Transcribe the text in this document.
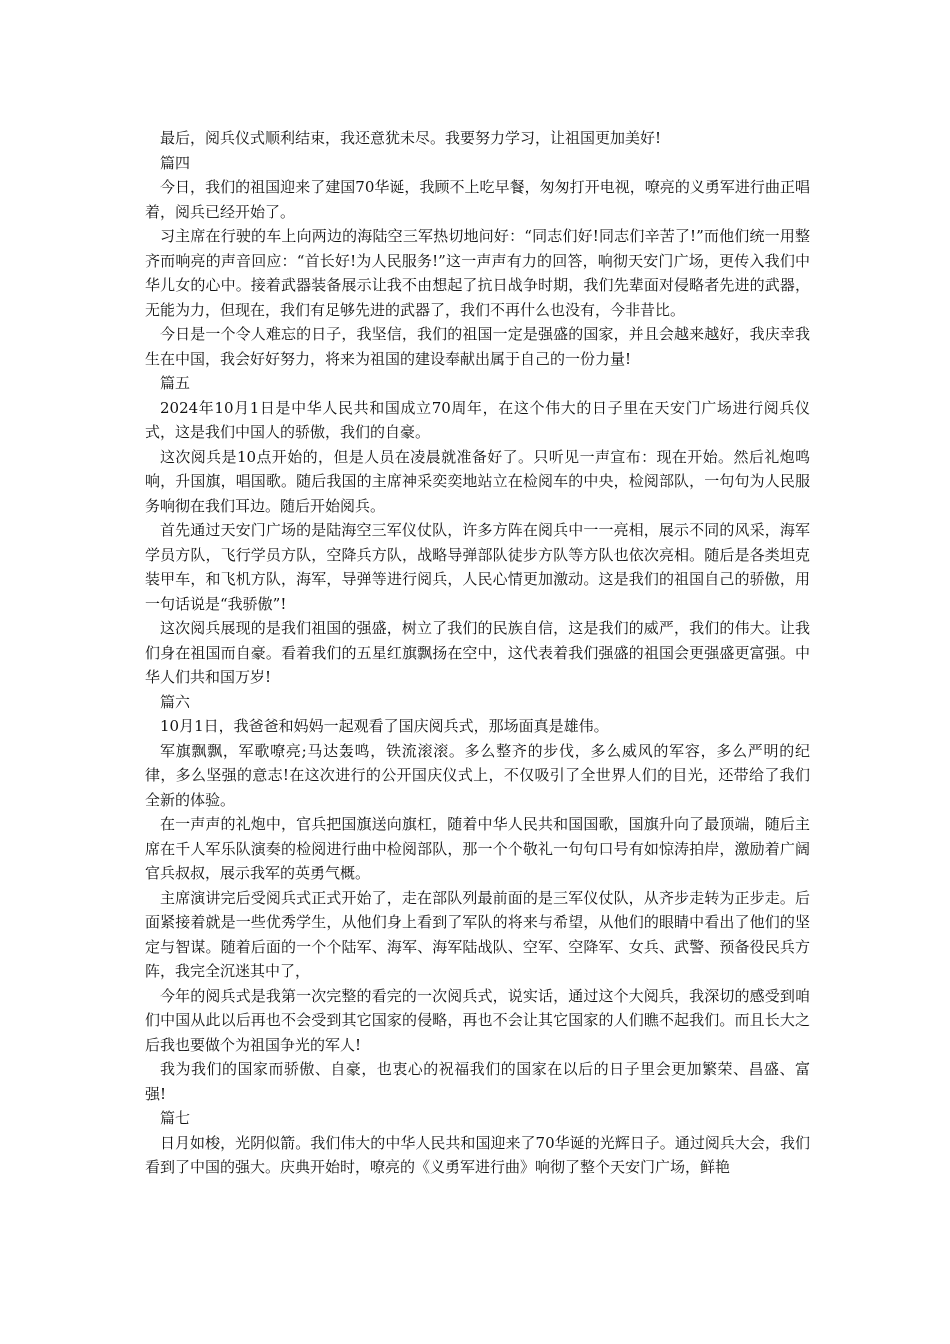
最后，阅兵仪式顺利结束，我还意犹未尽。我要努力学习，让祖国更加美好!

篇四

今日，我们的祖国迎来了建国70华诞，我顾不上吃早餐，匆匆打开电视，嘹亮的义勇军进行曲正唱着，阅兵已经开始了。

习主席在行驶的车上向两边的海陆空三军热切地问好：“同志们好!同志们辛苦了!”而他们统一用整齐而响亮的声音回应：“首长好!为人民服务!”这一声声有力的回答，响彻天安门广场，更传入我们中华儿女的心中。接着武器装备展示让我不由想起了抗日战争时期，我们先辈面对侵略者先进的武器，无能为力，但现在，我们有足够先进的武器了，我们不再什么也没有，今非昔比。

今日是一个令人难忘的日子，我坚信，我们的祖国一定是强盛的国家，并且会越来越好，我庆幸我生在中国，我会好好努力，将来为祖国的建设奉献出属于自己的一份力量!

篇五

2024年10月1日是中华人民共和国成立70周年，在这个伟大的日子里在天安门广场进行阅兵仪式，这是我们中国人的骄傲，我们的自豪。

这次阅兵是10点开始的，但是人员在凌晨就准备好了。只听见一声宣布：现在开始。然后礼炮鸣响，升国旗，唱国歌。随后我国的主席神采奕奕地站立在检阅车的中央，检阅部队，一句句为人民服务响彻在我们耳边。随后开始阅兵。

首先通过天安门广场的是陆海空三军仪仗队，许多方阵在阅兵中一一亮相，展示不同的风采，海军学员方队，飞行学员方队，空降兵方队，战略导弹部队徒步方队等方队也依次亮相。随后是各类坦克装甲车，和飞机方队，海军，导弹等进行阅兵，人民心情更加激动。这是我们的祖国自己的骄傲，用一句话说是“我骄傲”!

这次阅兵展现的是我们祖国的强盛，树立了我们的民族自信，这是我们的威严，我们的伟大。让我们身在祖国而自豪。看着我们的五星红旗飘扬在空中，这代表着我们强盛的祖国会更强盛更富强。中华人们共和国万岁!

篇六

10月1日，我爸爸和妈妈一起观看了国庆阅兵式，那场面真是雄伟。

军旗飘飘，军歌嘹亮;马达轰鸣，铁流滚滚。多么整齐的步伐，多么威风的军容，多么严明的纪律，多么坚强的意志!在这次进行的公开国庆仪式上，不仅吸引了全世界人们的目光，还带给了我们全新的体验。

在一声声的礼炮中，官兵把国旗送向旗杠，随着中华人民共和国国歌，国旗升向了最顶端，随后主席在千人军乐队演奏的检阅进行曲中检阅部队，那一个个敬礼一句句口号有如惊涛拍岸，激励着广阔官兵叔叔，展示我军的英勇气概。

主席演讲完后受阅兵式正式开始了，走在部队列最前面的是三军仪仗队，从齐步走转为正步走。后面紧接着就是一些优秀学生，从他们身上看到了军队的将来与希望，从他们的眼睛中看出了他们的坚定与智谋。随着后面的一个个陆军、海军、海军陆战队、空军、空降军、女兵、武警、预备役民兵方阵，我完全沉迷其中了，

今年的阅兵式是我第一次完整的看完的一次阅兵式，说实话，通过这个大阅兵，我深切的感受到咱们中国从此以后再也不会受到其它国家的侵略，再也不会让其它国家的人们瞧不起我们。而且长大之后我也要做个为祖国争光的军人!

我为我们的国家而骄傲、自豪，也衷心的祝福我们的国家在以后的日子里会更加繁荣、昌盛、富强!

篇七

日月如梭，光阴似箭。我们伟大的中华人民共和国迎来了70华诞的光辉日子。通过阅兵大会，我们看到了中国的强大。庆典开始时，嘹亮的《义勇军进行曲》响彻了整个天安门广场，鲜艳
